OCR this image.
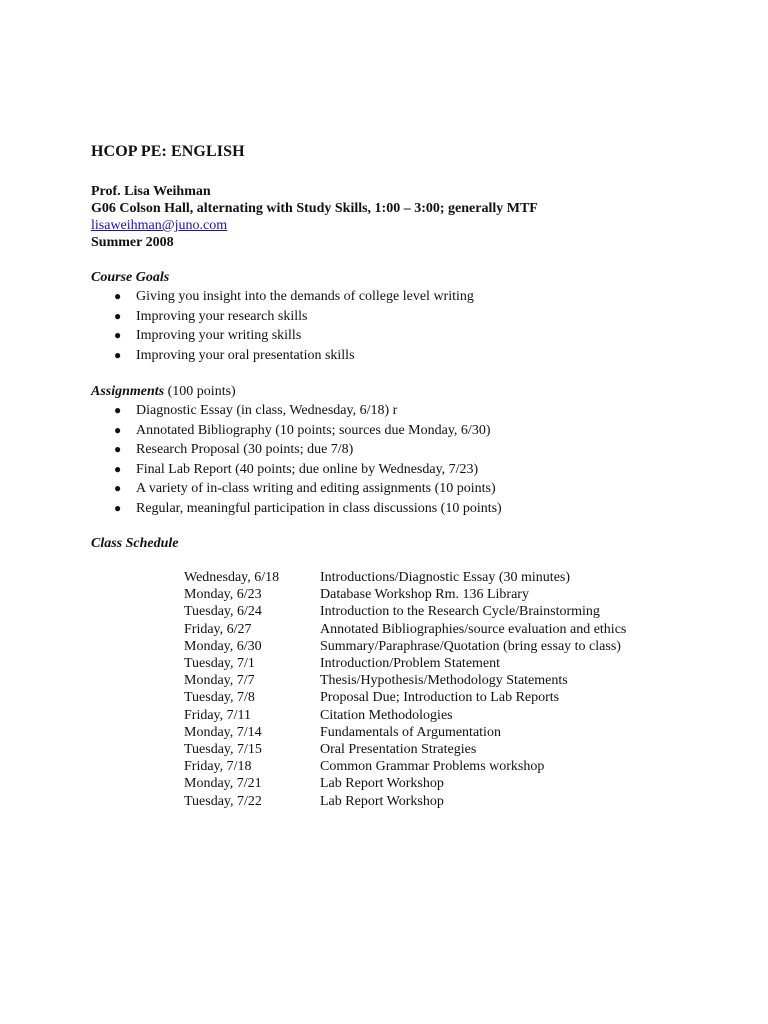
HCOP PE: ENGLISH
Prof. Lisa Weihman
G06 Colson Hall, alternating with Study Skills, 1:00 – 3:00; generally MTF
lisaweihman@juno.com
Summer 2008
Course Goals
● Giving you insight into the demands of college level writing
● Improving your research skills
● Improving your writing skills
● Improving your oral presentation skills
Assignments (100 points)
● Diagnostic Essay (in class, Wednesday, 6/18) r
● Annotated Bibliography (10 points; sources due Monday, 6/30)
● Research Proposal (30 points; due 7/8)
● Final Lab Report (40 points; due online by Wednesday, 7/23)
● A variety of in-class writing and editing assignments (10 points)
● Regular, meaningful participation in class discussions (10 points)
Class Schedule
Wednesday, 6/18	Introductions/Diagnostic Essay (30 minutes)
Monday, 6/23	Database Workshop Rm. 136 Library
Tuesday, 6/24	Introduction to the Research Cycle/Brainstorming
Friday, 6/27	Annotated Bibliographies/source evaluation and ethics
Monday, 6/30	Summary/Paraphrase/Quotation (bring essay to class)
Tuesday, 7/1	Introduction/Problem Statement
Monday, 7/7	Thesis/Hypothesis/Methodology Statements
Tuesday, 7/8	Proposal Due; Introduction to Lab Reports
Friday, 7/11	Citation Methodologies
Monday, 7/14	Fundamentals of Argumentation
Tuesday, 7/15	Oral Presentation Strategies
Friday, 7/18	Common Grammar Problems workshop
Monday, 7/21	Lab Report Workshop
Tuesday, 7/22	Lab Report Workshop
